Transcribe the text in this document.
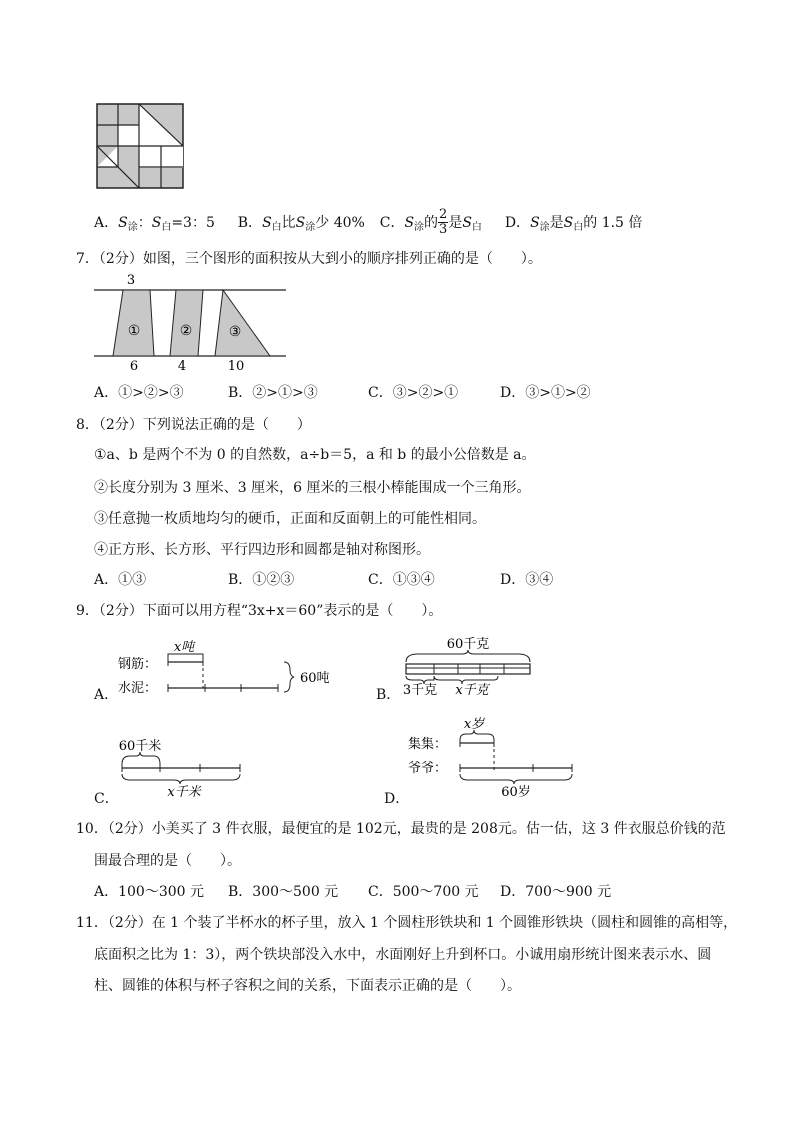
A．$S_涂$：$S_白=3$：5 B．$S_白$比$S_涂$少 40% C．$S_涂$的 $\frac{2}{3}$ 是$S_白$ D．$S_涂$是$S_白$的 1.5 倍
7．（2分）如图，三个图形的面积按从大到小的顺序排列正确的是（　　）。
3
①	②	③
6	4	10
A．①>②>③	B．②>①>③	C．③>②>①	D．③>①>②
8．（2分）下列说法正确的是（　　）
①a、b 是两个不为 0 的自然数，a÷b＝5，a 和 b 的最小公倍数是 a。
②长度分别为 3 厘米、3 厘米，6 厘米的三根小棒能围成一个三角形。
③任意抛一枚质地均匀的硬币，正面和反面朝上的可能性相同。
④正方形、长方形、平行四边形和圆都是轴对称图形。
A．①③	B．①②③	C．①③④	D．③④
9．（2分）下面可以用方程“3x+x＝60”表示的是（　　）。
A．
x吨
钢筋：
水泥：
60吨
B．
60千克
3千克 x千克
C．
60千米
x千米	D．
x岁
集集：
爷爷：
60岁
10．（2分）小美买了 3 件衣服，最便宜的是 102元，最贵的是 208元。估一估，这 3 件衣服总价钱的范
围最合理的是（　　）。
A．100～300 元 B．300～500 元 C．500～700 元 D．700～900 元
11．（2分）在 1 个装了半杯水的杯子里，放入 1 个圆柱形铁块和 1 个圆锥形铁块（圆柱和圆锥的高相等，
底面积之比为 1：3），两个铁块部没入水中，水面刚好上升到杯口。小诚用扇形统计图来表示水、圆
柱、圆锥的体积与杯子容积之间的关系，下面表示正确的是（　　）。
